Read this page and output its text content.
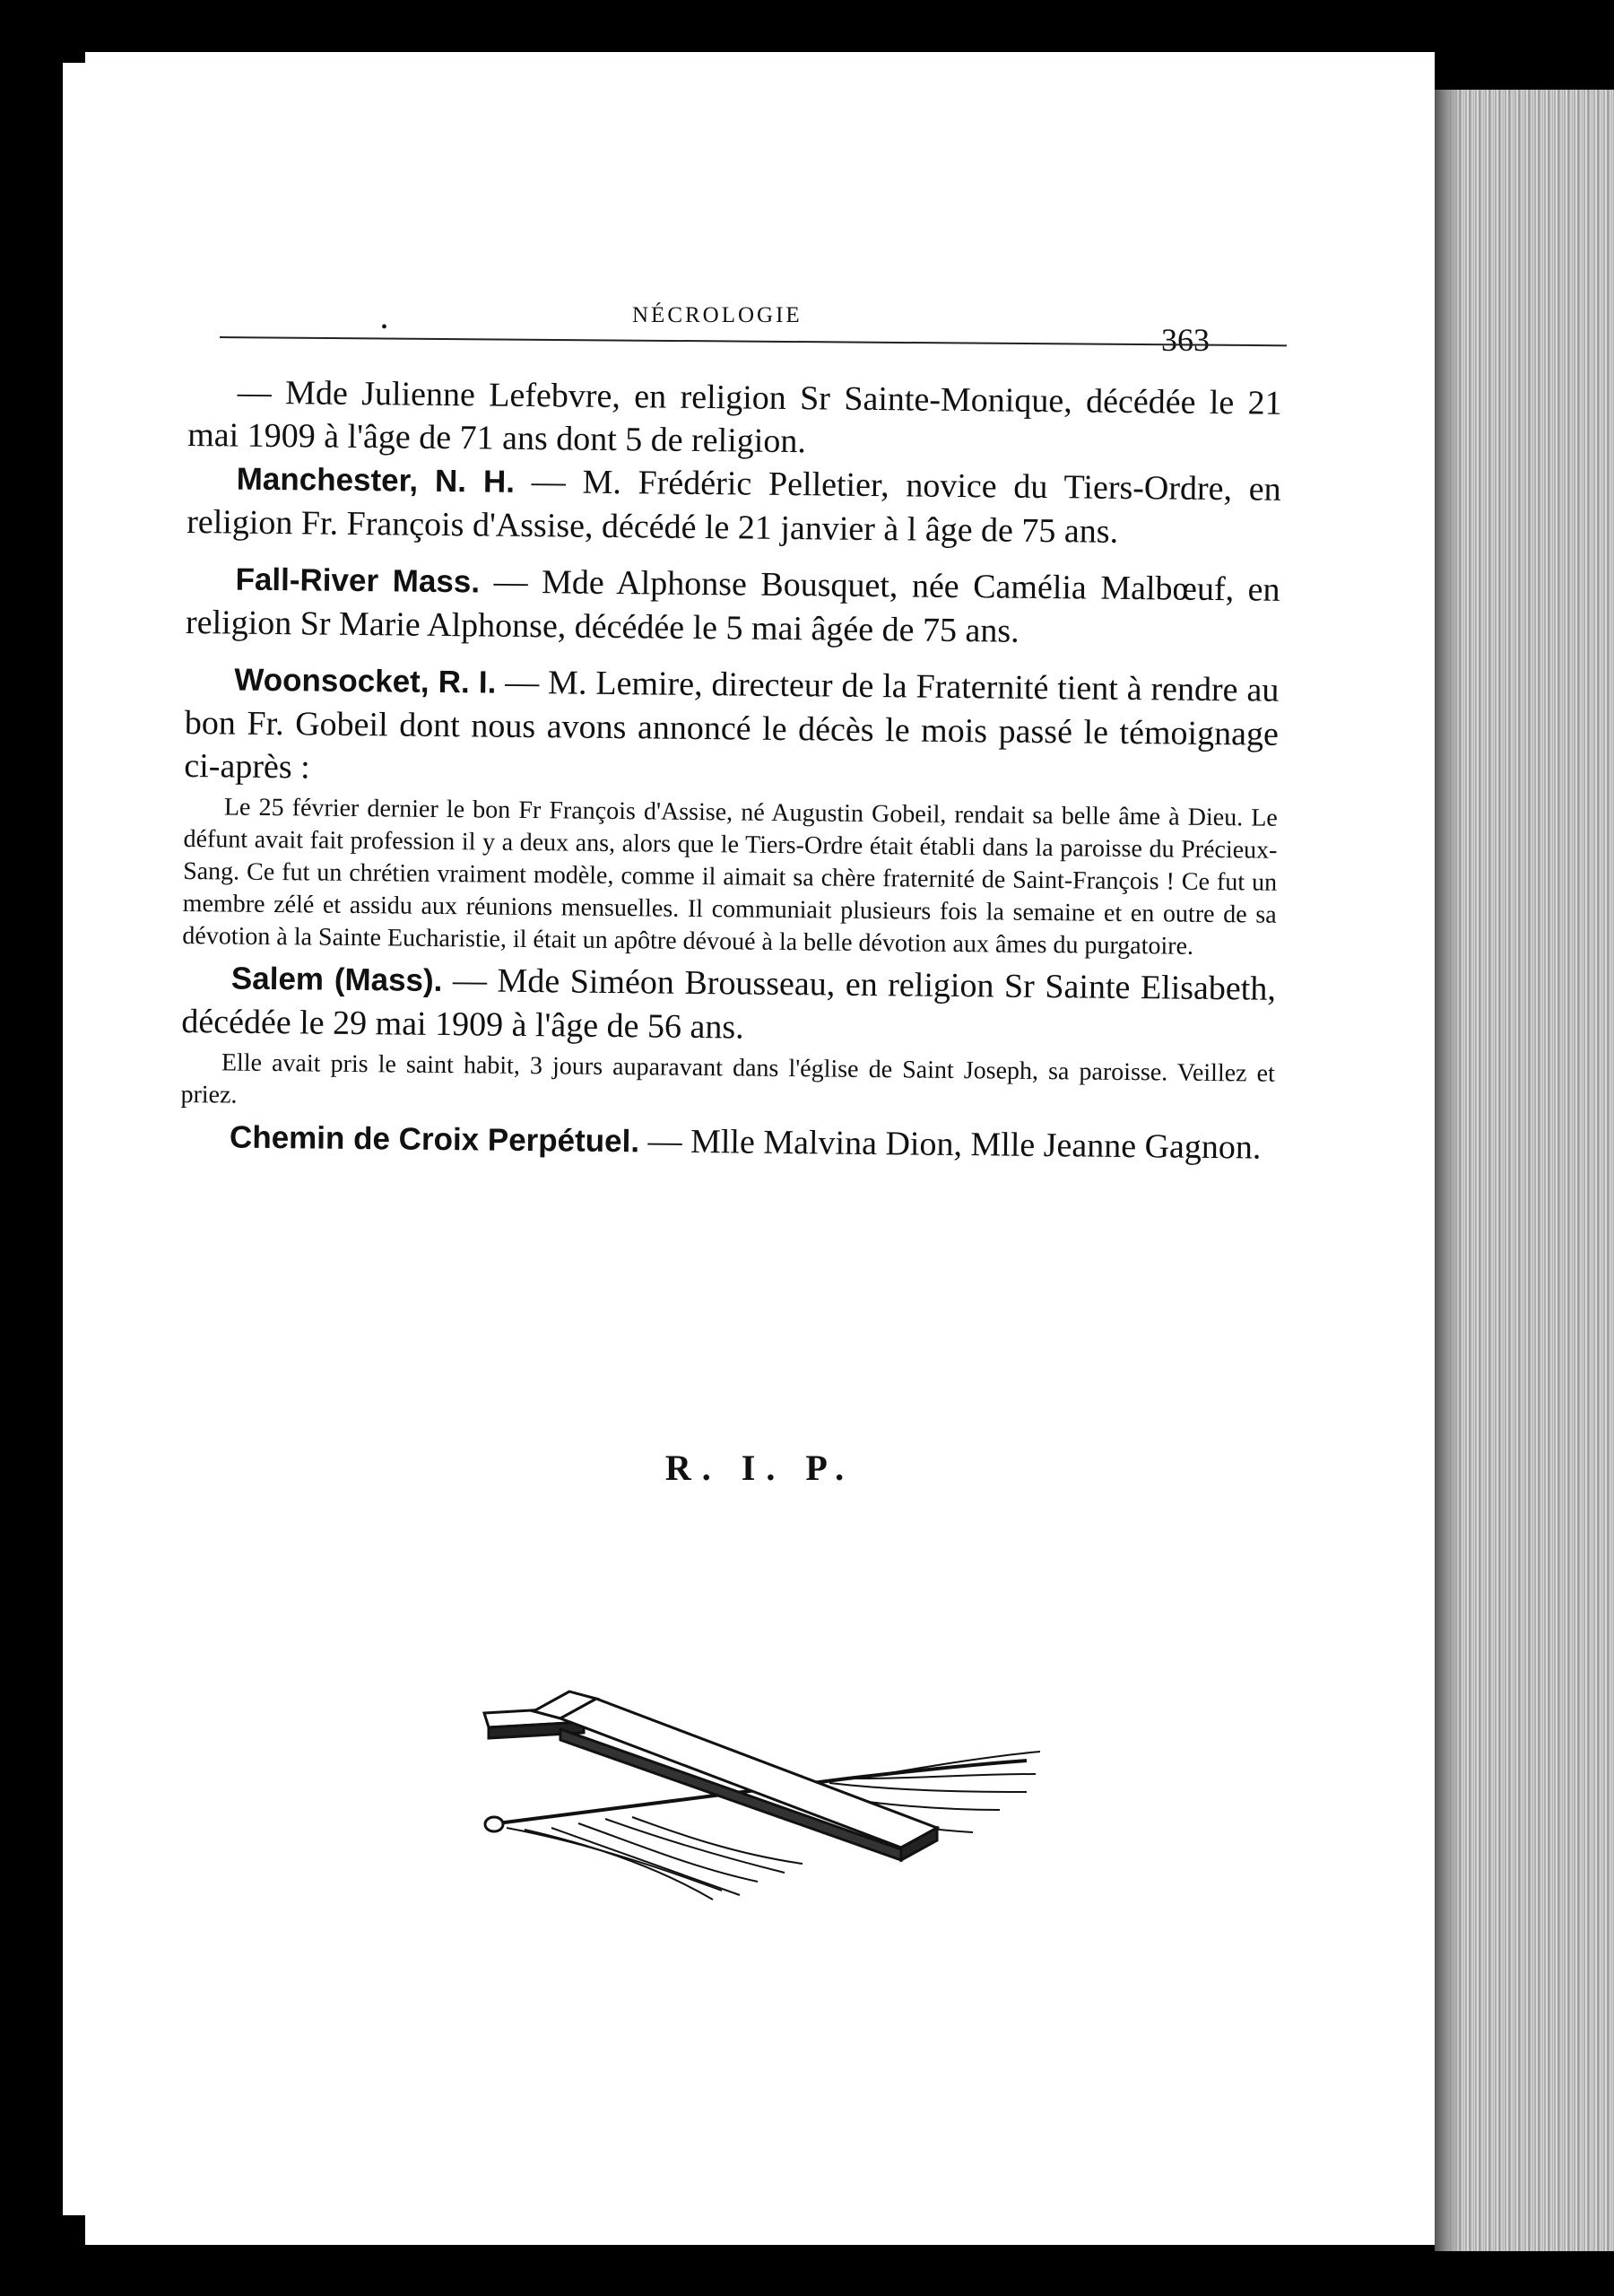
NÉCROLOGIE
363
•

— Mde Julienne Lefebvre, en religion Sr Sainte-Monique, décédée le 21 mai 1909 à l'âge de 71 ans dont 5 de religion.

Manchester, N. H. — M. Frédéric Pelletier, novice du Tiers-Ordre, en religion Fr. François d'Assise, décédé le 21 janvier à l âge de 75 ans.

Fall-River Mass. — Mde Alphonse Bousquet, née Camélia Malbœuf, en religion Sr Marie Alphonse, décédée le 5 mai âgée de 75 ans.

Woonsocket, R. I. — M. Lemire, directeur de la Fraternité tient à rendre au bon Fr. Gobeil dont nous avons annoncé le décès le mois passé le témoignage ci-après :

Le 25 février dernier le bon Fr François d'Assise, né Augustin Gobeil, rendait sa belle âme à Dieu. Le défunt avait fait profession il y a deux ans, alors que le Tiers-Ordre était établi dans la paroisse du Précieux-Sang. Ce fut un chrétien vraiment modèle, comme il aimait sa chère fraternité de Saint-François ! Ce fut un membre zélé et assidu aux réunions mensuelles. Il communiait plusieurs fois la semaine et en outre de sa dévotion à la Sainte Eucharistie, il était un apôtre dévoué à la belle dévotion aux âmes du purgatoire.

Salem (Mass). — Mde Siméon Brousseau, en religion Sr Sainte Elisabeth, décédée le 29 mai 1909 à l'âge de 56 ans.

Elle avait pris le saint habit, 3 jours auparavant dans l'église de Saint Joseph, sa paroisse. Veillez et priez.

Chemin de Croix Perpétuel. — Mlle Malvina Dion, Mlle Jeanne Gagnon.

R. I. P.
